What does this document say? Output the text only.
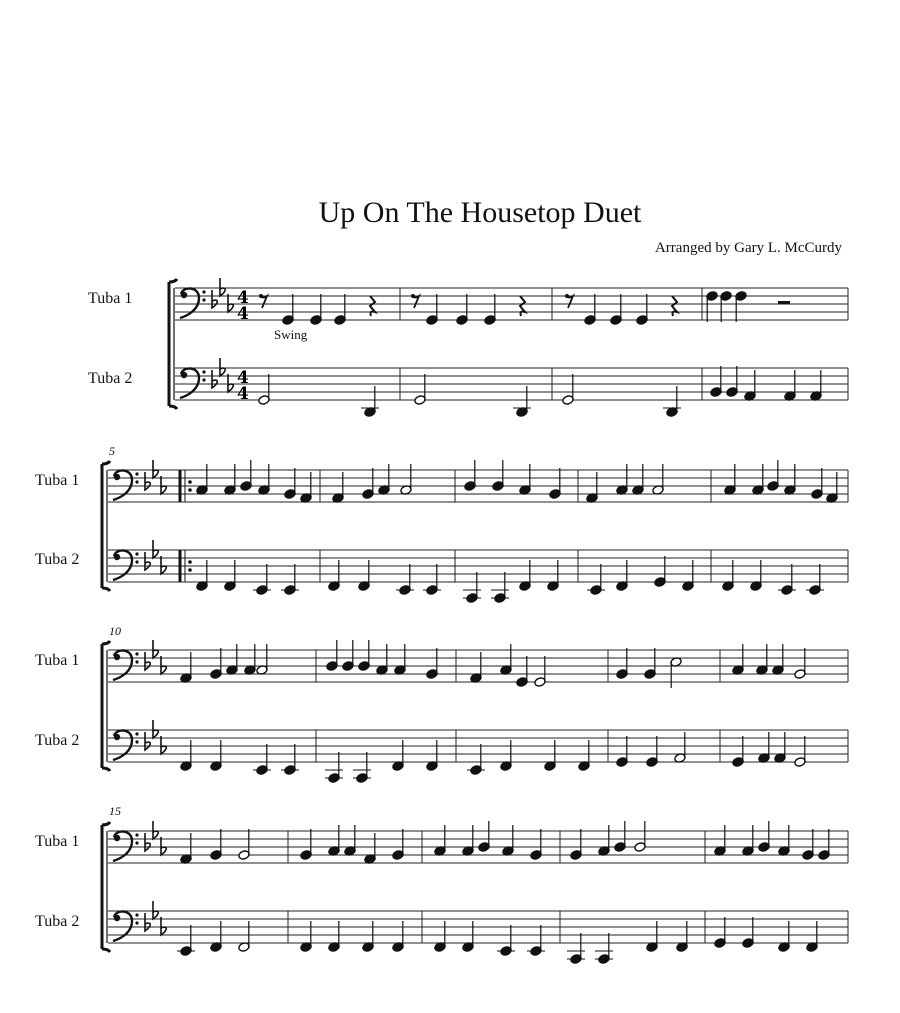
Up On The Housetop Duet
Arranged by Gary L. McCurdy
Tuba 1
Tuba 2
Swing
5
Tuba 1
Tuba 2
10
Tuba 1
Tuba 2
15
Tuba 1
Tuba 2
4
4
4
4
